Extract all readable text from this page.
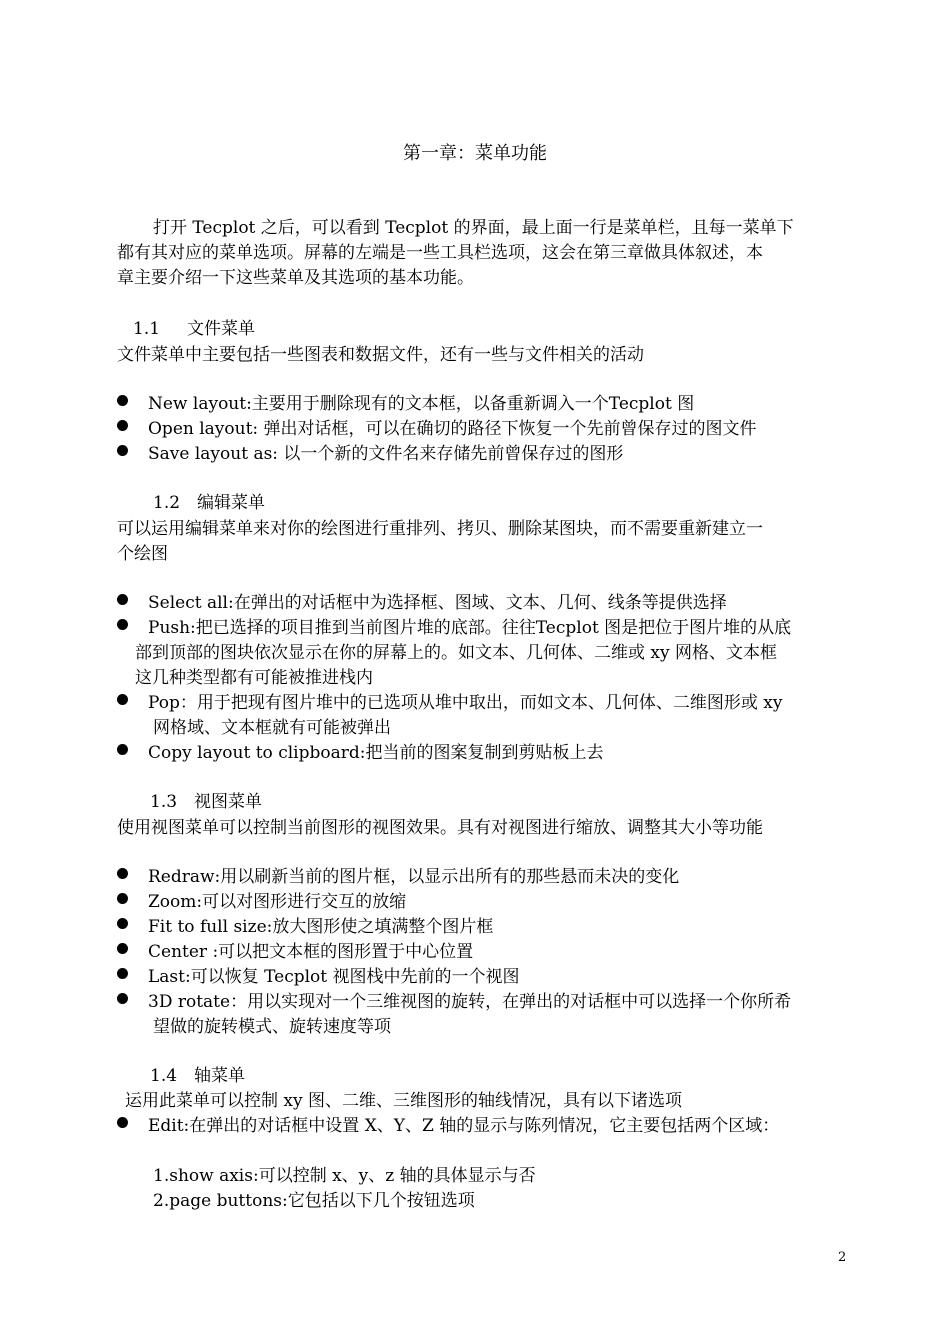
第一章：菜单功能
打开 Tecplot 之后，可以看到 Tecplot 的界面，最上面一行是菜单栏，且每一菜单下
都有其对应的菜单选项。屏幕的左端是一些工具栏选项，这会在第三章做具体叙述，本
章主要介绍一下这些菜单及其选项的基本功能。
1.1 文件菜单
文件菜单中主要包括一些图表和数据文件，还有一些与文件相关的活动
New layout:主要用于删除现有的文本框，以备重新调入一个Tecplot 图
Open layout: 弹出对话框，可以在确切的路径下恢复一个先前曾保存过的图文件
Save layout as: 以一个新的文件名来存储先前曾保存过的图形
1.2 编辑菜单
可以运用编辑菜单来对你的绘图进行重排列、拷贝、删除某图块，而不需要重新建立一
个绘图
Select all:在弹出的对话框中为选择框、图域、文本、几何、线条等提供选择
Push:把已选择的项目推到当前图片堆的底部。往往Tecplot 图是把位于图片堆的从底
部到顶部的图块依次显示在你的屏幕上的。如文本、几何体、二维或 xy 网格、文本框
这几种类型都有可能被推进栈内
Pop：用于把现有图片堆中的已选项从堆中取出，而如文本、几何体、二维图形或 xy
网格域、文本框就有可能被弹出
Copy layout to clipboard:把当前的图案复制到剪贴板上去
1.3 视图菜单
使用视图菜单可以控制当前图形的视图效果。具有对视图进行缩放、调整其大小等功能
Redraw:用以刷新当前的图片框，以显示出所有的那些悬而未决的变化
Zoom:可以对图形进行交互的放缩
Fit to full size:放大图形使之填满整个图片框
Center :可以把文本框的图形置于中心位置
Last:可以恢复 Tecplot 视图栈中先前的一个视图
3D rotate：用以实现对一个三维视图的旋转，在弹出的对话框中可以选择一个你所希
望做的旋转模式、旋转速度等项
1.4 轴菜单
运用此菜单可以控制 xy 图、二维、三维图形的轴线情况，具有以下诸选项
Edit:在弹出的对话框中设置 X、Y、Z 轴的显示与陈列情况，它主要包括两个区域：
1.show axis:可以控制 x、y、z 轴的具体显示与否
2.page buttons:它包括以下几个按钮选项
2
